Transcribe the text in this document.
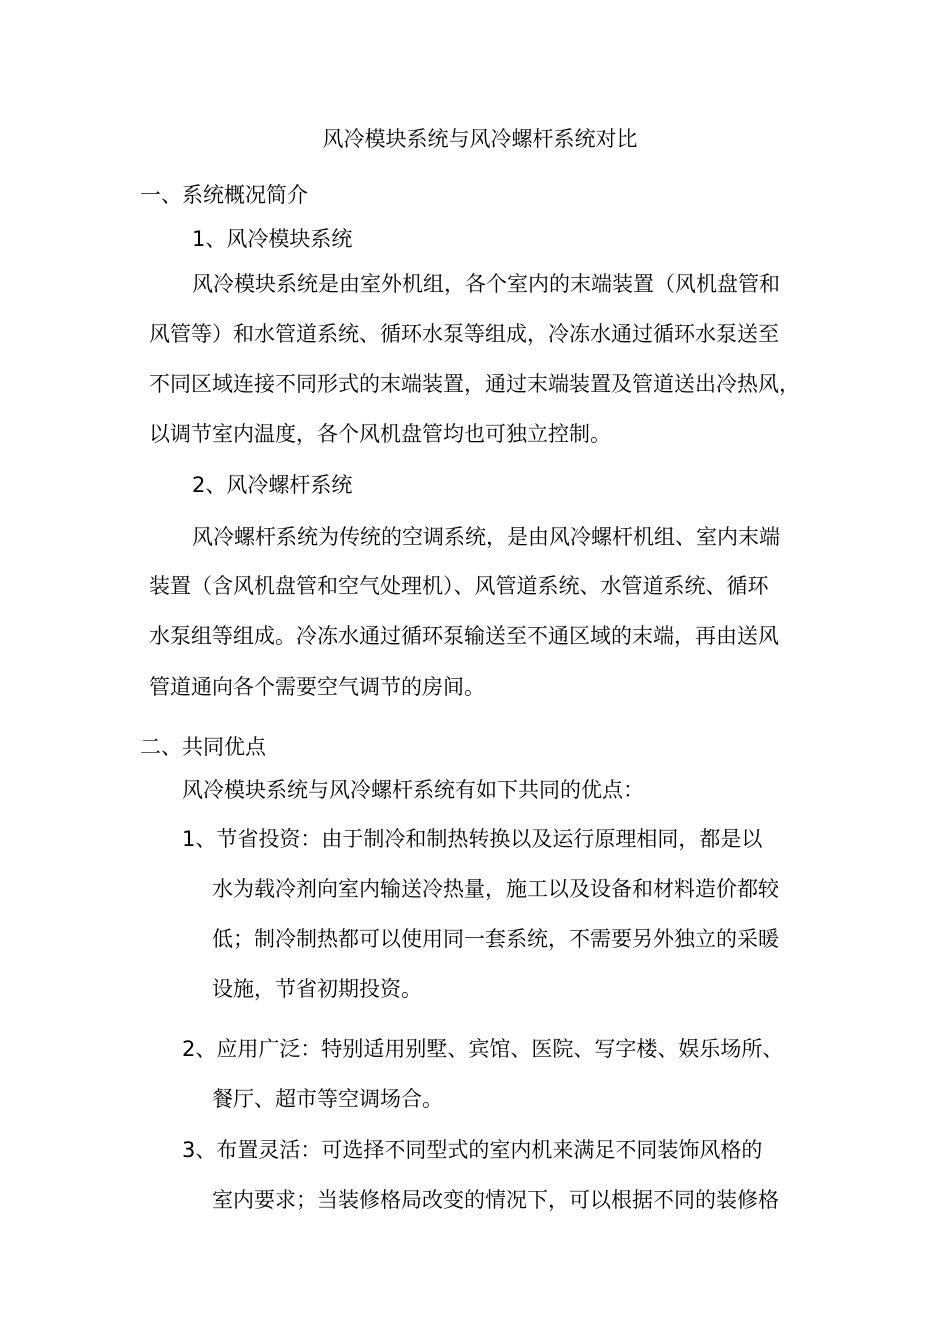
风冷模块系统与风冷螺杆系统对比
一、系统概况简介
1、风冷模块系统
风冷模块系统是由室外机组，各个室内的末端装置（风机盘管和
风管等）和水管道系统、循环水泵等组成，冷冻水通过循环水泵送至
不同区域连接不同形式的末端装置，通过末端装置及管道送出冷热风，
以调节室内温度，各个风机盘管均也可独立控制。
2、风冷螺杆系统
风冷螺杆系统为传统的空调系统，是由风冷螺杆机组、室内末端
装置（含风机盘管和空气处理机）、风管道系统、水管道系统、循环
水泵组等组成。冷冻水通过循环泵输送至不通区域的末端，再由送风
管道通向各个需要空气调节的房间。
二、共同优点
风冷模块系统与风冷螺杆系统有如下共同的优点：
1、节省投资：由于制冷和制热转换以及运行原理相同，都是以
水为载冷剂向室内输送冷热量，施工以及设备和材料造价都较
低；制冷制热都可以使用同一套系统，不需要另外独立的采暖
设施，节省初期投资。
2、应用广泛：特别适用别墅、宾馆、医院、写字楼、娱乐场所、
餐厅、超市等空调场合。
3、布置灵活：可选择不同型式的室内机来满足不同装饰风格的
室内要求；当装修格局改变的情况下，可以根据不同的装修格
